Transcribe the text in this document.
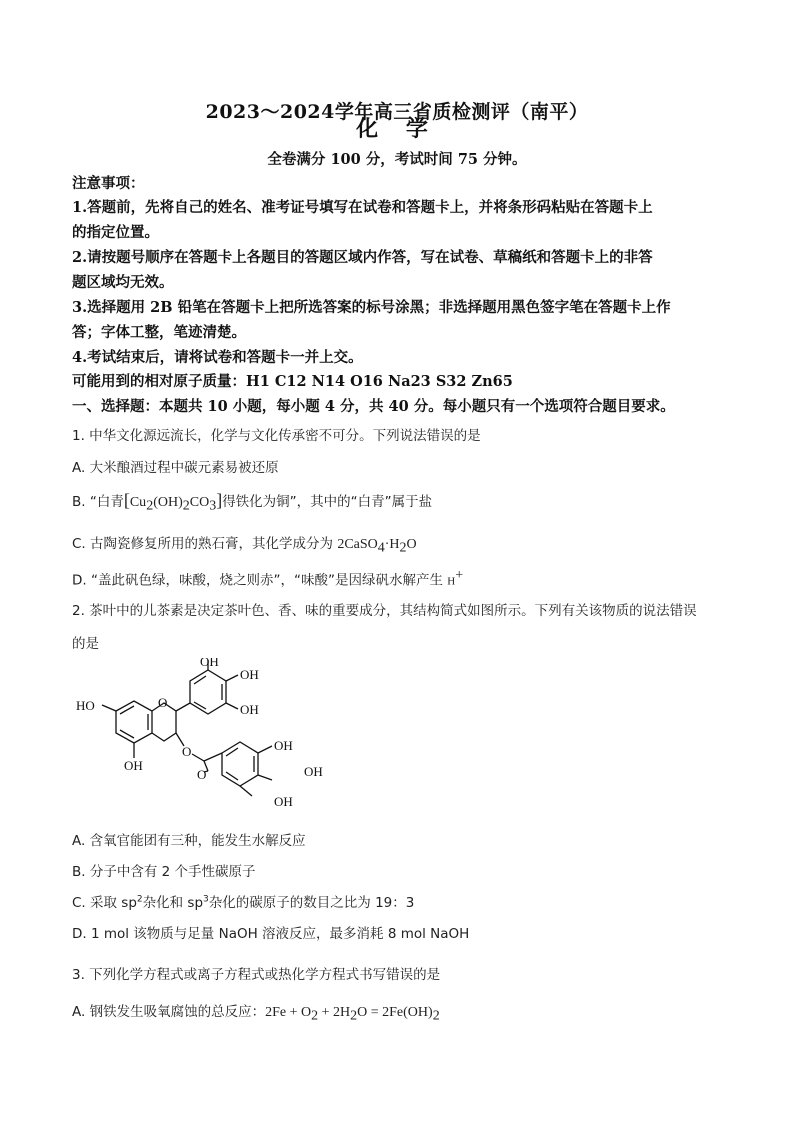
2023～2024学年高三省质检测评（南平）
化 学
全卷满分 100 分，考试时间 75 分钟。
注意事项：
1.答题前，先将自己的姓名、准考证号填写在试卷和答题卡上，并将条形码粘贴在答题卡上
的指定位置。
2.请按题号顺序在答题卡上各题目的答题区域内作答，写在试卷、草稿纸和答题卡上的非答
题区域均无效。
3.选择题用 2B 铅笔在答题卡上把所选答案的标号涂黑；非选择题用黑色签字笔在答题卡上作
答；字体工整，笔迹清楚。
4.考试结束后，请将试卷和答题卡一并上交。
可能用到的相对原子质量：H1 C12 N14 O16 Na23 S32 Zn65
一、选择题：本题共 10 小题，每小题 4 分，共 40 分。每小题只有一个选项符合题目要求。
1. 中华文化源远流长，化学与文化传承密不可分。下列说法错误的是
A. 大米酿酒过程中碳元素易被还原
B. “白青$[Cu_2(OH)_2CO_3]$得铁化为铜”，其中的“白青”属于盐
C. 古陶瓷修复所用的熟石膏，其化学成分为 $2CaSO_4\cdot H_2O$
D. “盖此矾色绿，味酸，烧之则赤”，“味酸”是因绿矾水解产生 H+
2. 茶叶中的儿茶素是决定茶叶色、香、味的重要成分，其结构简式如图所示。下列有关该物质的说法错误
的是
OH
OH
OH
HO
OH
O
O
O
OH
OH
OH
A. 含氧官能团有三种，能发生水解反应
B. 分子中含有 2 个手性碳原子
C. 采取 $sp^2$杂化和 $sp^3$杂化的碳原子的数目之比为 19：3
D. 1 mol 该物质与足量 NaOH 溶液反应，最多消耗 8 mol NaOH
3. 下列化学方程式或离子方程式或热化学方程式书写错误的是
A. 钢铁发生吸氧腐蚀的总反应：$2Fe + O_2 + 2H_2O = 2Fe(OH)_2$
